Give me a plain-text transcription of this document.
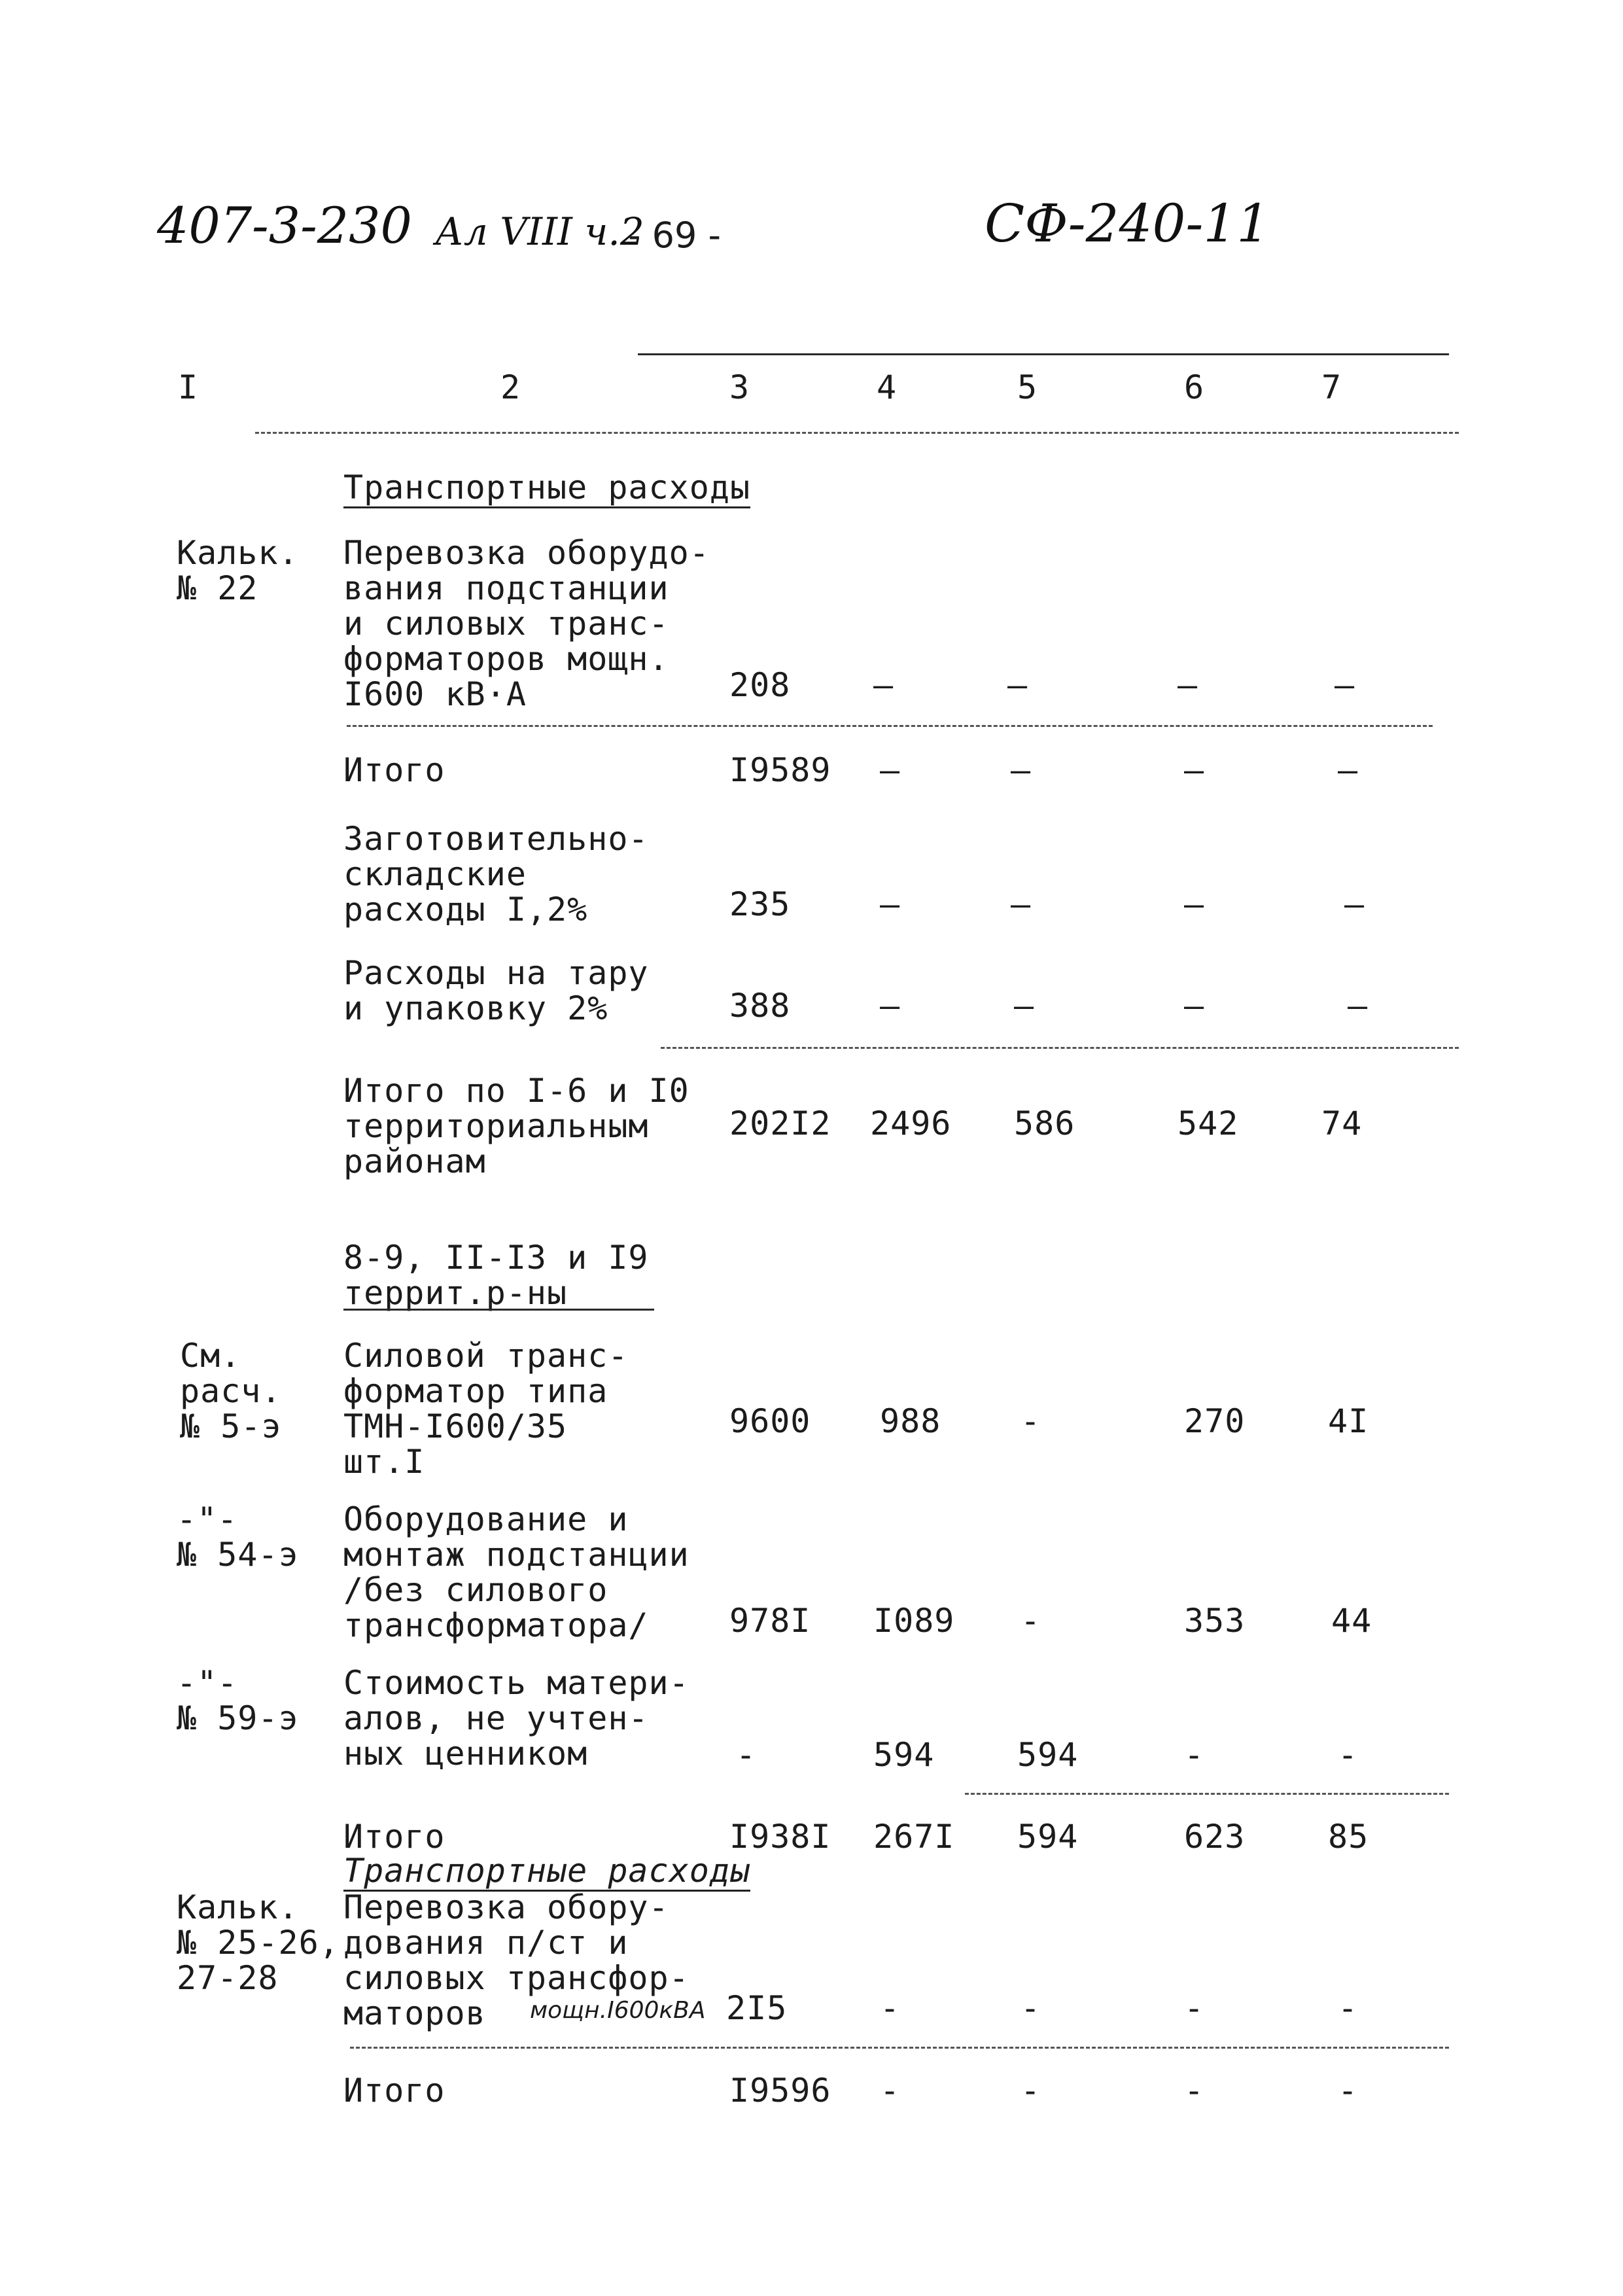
407-3-230 Ал VIII ч.2
- 69 -	СФ-240-11
I	2	3	4	5	6	7
Транспортные расходы
Кальк.
№ 22
Перевозка оборудо-
вания подстанции
и силовых транс-
форматоров мощн.
I600 кВ·А	208	–	–	–	–
Итого	I9589 –	–	–	–
Заготовительно-
складские
расходы I,2%	235	–	–	–	–
Расходы на тару
и упаковку 2%	388	–	–	–	–
Итого по I-6 и I0
территориальным
районам
202I2 2496 586	542	74
8-9, II-I3 и I9
террит.р-ны
См.
расч.
№ 5-э
Силовой транс-
форматор типа
ТМН-I600/35
шт.I
9600 988 -	270	4I
-"-
№ 54-э
Оборудование и
монтаж подстанции
/без силового
трансформатора/	978I I089 -	353	44
-"-
№ 59-э
Стоимость матери-
алов, не учтен-
ных ценником	-	594	594	-	-
Итого	I938I 267I 594	623	85
Транспортные расходы
Кальк.
№ 25-26,
27-28
Перевозка обору-
дования п/ст и
силовых трансфор-
маторов	мощн.I600кВА 2I5	-	-	-	-
Итого	I9596 -	-	-	-
